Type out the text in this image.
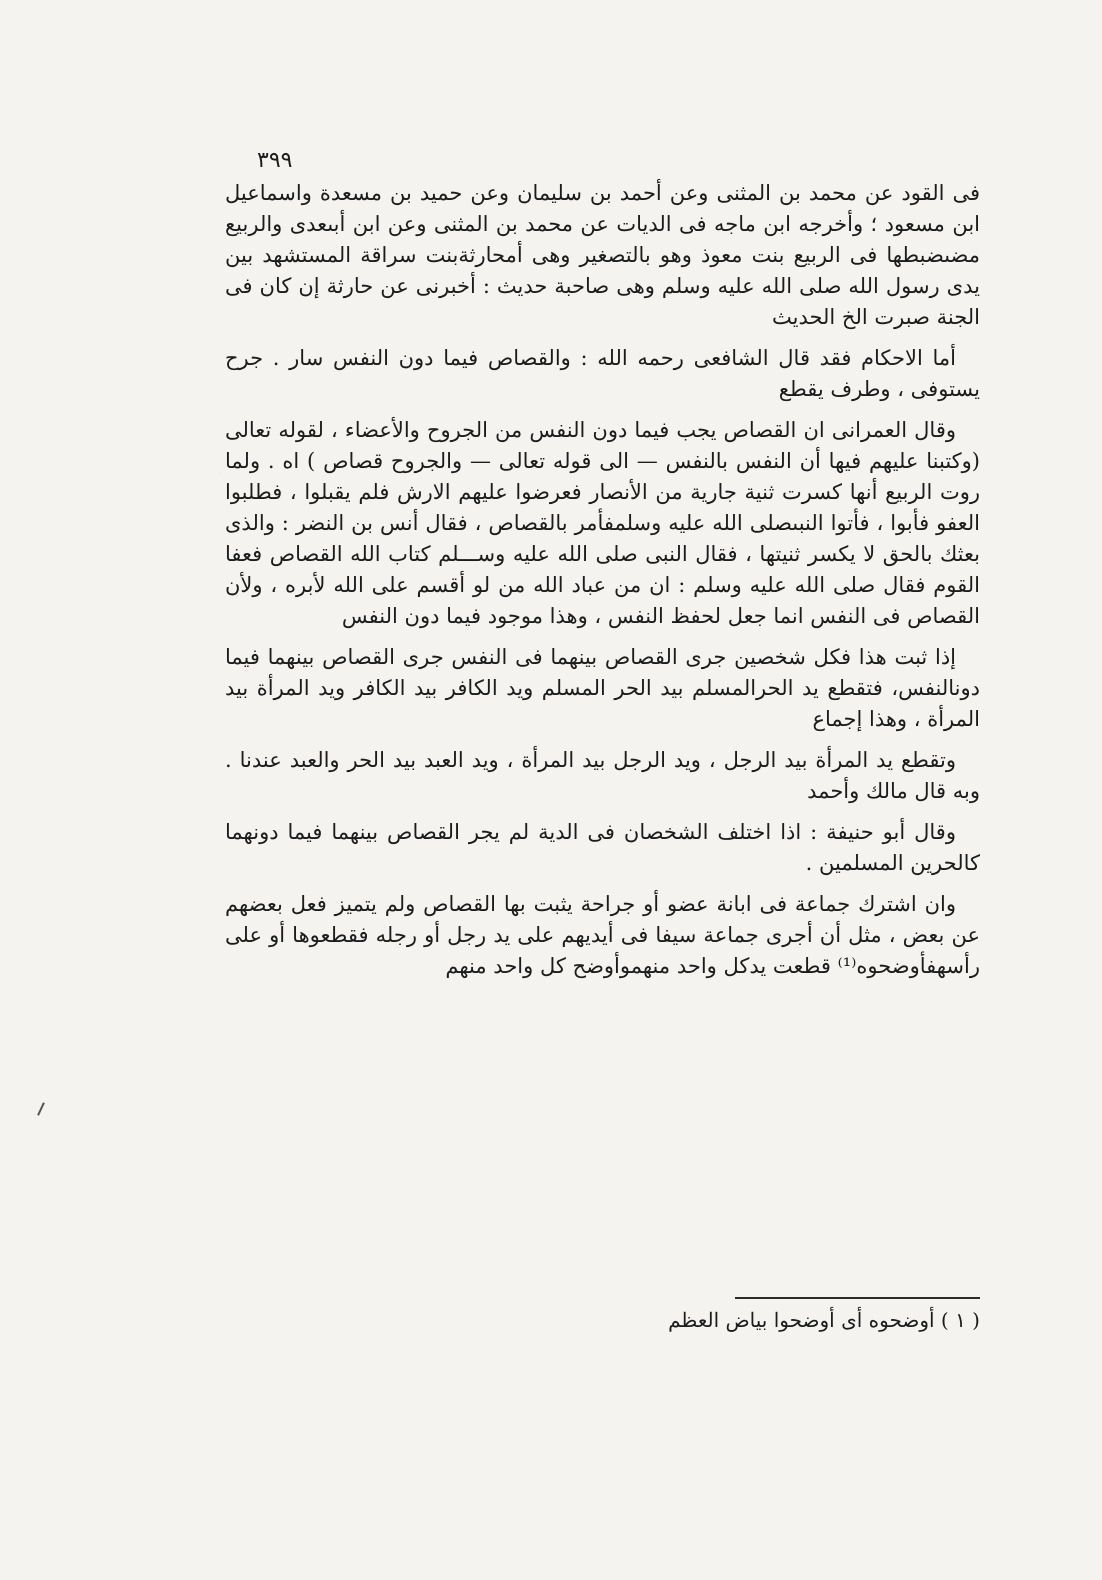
٣٩٩

فى القود عن محمد بن المثنى وعن أحمد بن سليمان وعن حميد بن مسعدة واسماعيل ابن مسعود ؛ وأخرجه ابن ماجه فى الديات عن محمد بن المثنى وعن ابن أبىعدى والربيع مضىضبطها فى الربيع بنت معوذ وهو بالتصغير وهى أمحارثةبنت سراقة المستشهد بين يدى رسول الله صلى الله عليه وسلم وهى صاحبة حديث : أخبرنى عن حارثة إن كان فى الجنة صبرت الخ الحديث

أما الاحكام فقد قال الشافعى رحمه الله : والقصاص فيما دون النفس سار . جرح يستوفى ، وطرف يقطع

وقال العمرانى ان القصاص يجب فيما دون النفس من الجروح والأعضاء ، لقوله تعالى (وكتبنا عليهم فيها أن النفس بالنفس — الى قوله تعالى — والجروح قصاص ) اه . ولما روت الربيع أنها كسرت ثنية جارية من الأنصار فعرضوا عليهم الارش فلم يقبلوا ، فطلبوا العفو فأبوا ، فأتوا النبىصلى الله عليه وسلمفأمر بالقصاص ، فقال أنس بن النضر : والذى بعثك بالحق لا يكسر ثنيتها ، فقال النبى صلى الله عليه وســـلم كتاب الله القصاص فعفا القوم فقال صلى الله عليه وسلم : ان من عباد الله من لو أقسم على الله لأبره ، ولأن القصاص فى النفس انما جعل لحفظ النفس ، وهذا موجود فيما دون النفس

إذا ثبت هذا فكل شخصين جرى القصاص بينهما فى النفس جرى القصاص بينهما فيما دونالنفس، فتقطع يد الحرالمسلم بيد الحر المسلم ويد الكافر بيد الكافر ويد المرأة بيد المرأة ، وهذا إجماع

وتقطع يد المرأة بيد الرجل ، ويد الرجل بيد المرأة ، ويد العبد بيد الحر والعبد عندنا . وبه قال مالك وأحمد

وقال أبو حنيفة : اذا اختلف الشخصان فى الدية لم يجر القصاص بينهما فيما دونهما كالحرين المسلمين .

وان اشترك جماعة فى ابانة عضو أو جراحة يثبت بها القصاص ولم يتميز فعل بعضهم عن بعض ، مثل أن أجرى جماعة سيفا فى أيديهم على يد رجل أو رجله فقطعوها أو على رأسهفأوضحوه⁽¹⁾ قطعت يدكل واحد منهموأوضح كل واحد منهم

( ١ ) أوضحوه أى أوضحوا بياض العظم
